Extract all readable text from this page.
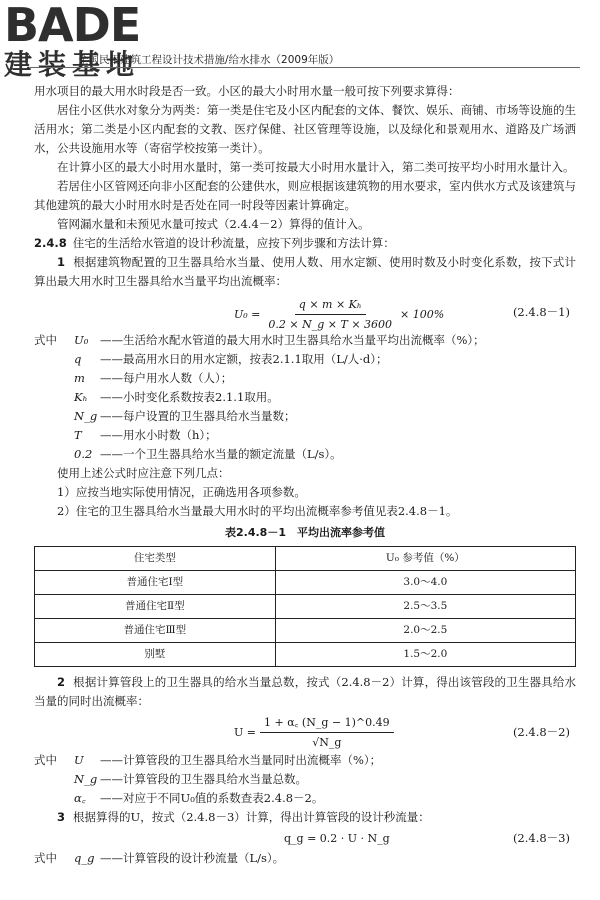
BADE
建装基地
全国民用建筑工程设计技术措施/给水排水（2009年版）

用水项目的最大用水时段是否一致。小区的最大小时用水量一般可按下列要求算得：

居住小区供水对象分为两类：第一类是住宅及小区内配套的文体、餐饮、娱乐、商铺、市场等设施的生活用水；第二类是小区内配套的文教、医疗保健、社区管理等设施，以及绿化和景观用水、道路及广场洒水，公共设施用水等（寄宿学校按第一类计）。

在计算小区的最大小时用水量时，第一类可按最大小时用水量计入，第二类可按平均小时用水量计入。

若居住小区管网还向非小区配套的公建供水，则应根据该建筑物的用水要求，室内供水方式及该建筑与其他建筑的最大小时用水时是否处在同一时段等因素计算确定。

管网漏水量和未预见水量可按式（2.4.4－2）算得的值计入。

2.4.8 住宅的生活给水管道的设计秒流量，应按下列步骤和方法计算：

1 根据建筑物配置的卫生器具给水当量、使用人数、用水定额、使用时数及小时变化系数，按下式计算出最大用水时卫生器具给水当量平均出流概率：

$U_0 = \frac{\text{q × m × Kₕ}}{0.2 \times N\_g \times T \times 3600} \times 100\%$	(2.4.8－1)
式中	U₀	——生活给水配水管道的最大用水时卫生器具给水当量平均出流概率（%）；
q	——最高用水日的用水定额，按表2.1.1取用（L/人·d）；
m	——每户用水人数（人）；
Kₕ	——小时变化系数按表2.1.1取用。
N_g ——每户设置的卫生器具给水当量数；
T	——用水小时数（h）；
0.2 ——一个卫生器具给水当量的额定流量（L/s）。

使用上述公式时应注意下列几点：

1）应按当地实际使用情况，正确选用各项参数。

2）住宅的卫生器具给水当量最大用水时的平均出流概率参考值见表2.4.8－1。

表2.4.8－1　平均出流率参考值
住宅类型	U₀ 参考值（%）
普通住宅Ⅰ型	3.0～4.0
普通住宅Ⅱ型	2.5～3.5
普通住宅Ⅲ型	2.0～2.5
别墅	1.5～2.0

2 根据计算管段上的卫生器具的给水当量总数，按式（2.4.8－2）计算，得出该管段的卫生器具给水当量的同时出流概率：

$U = \frac{1 + \alpha꜀ (N\_g - 1)\^{}0.49}{√N\_g}$	(2.4.8－2)
式中	U	——计算管段的卫生器具给水当量同时出流概率（%）；
N_g ——计算管段的卫生器具给水当量总数。
α꜀	——对应于不同U₀值的系数查表2.4.8－2。

3 根据算得的U，按式（2.4.8－3）计算，得出计算管段的设计秒流量：

q_g = 0.2 · U · N_g	(2.4.8－3)
式中	q_g ——计算管段的设计秒流量（L/s）。
